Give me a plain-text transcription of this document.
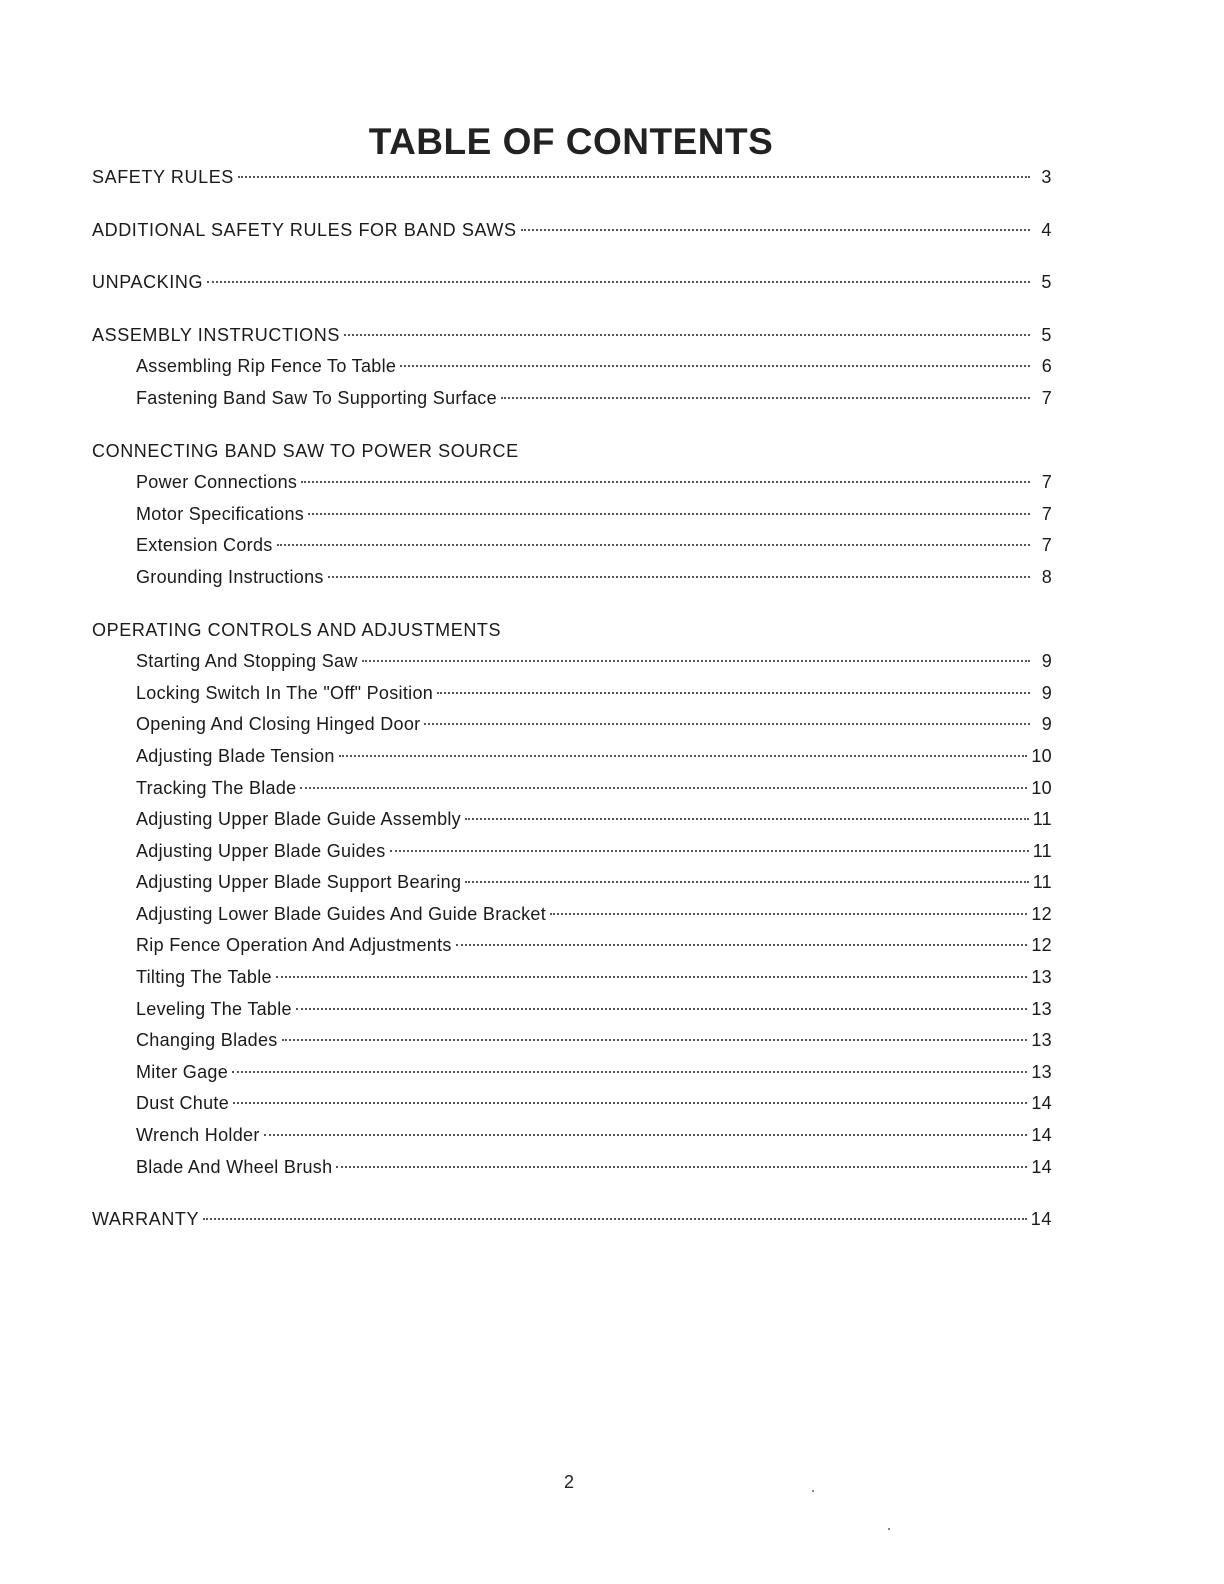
TABLE OF CONTENTS
SAFETY RULES	3
ADDITIONAL SAFETY RULES FOR BAND SAWS	4
UNPACKING	5
ASSEMBLY INSTRUCTIONS	5
Assembling Rip Fence To Table	6
Fastening Band Saw To Supporting Surface	7
CONNECTING BAND SAW TO POWER SOURCE
Power Connections	7
Motor Specifications	7
Extension Cords	7
Grounding Instructions	8
OPERATING CONTROLS AND ADJUSTMENTS
Starting And Stopping Saw	9
Locking Switch In The "Off" Position	9
Opening And Closing Hinged Door	9
Adjusting Blade Tension	10
Tracking The Blade	10
Adjusting Upper Blade Guide Assembly	11
Adjusting Upper Blade Guides	11
Adjusting Upper Blade Support Bearing	11
Adjusting Lower Blade Guides And Guide Bracket	12
Rip Fence Operation And Adjustments	12
Tilting The Table	13
Leveling The Table	13
Changing Blades	13
Miter Gage	13
Dust Chute	14
Wrench Holder	14
Blade And Wheel Brush	14
WARRANTY	14
2
